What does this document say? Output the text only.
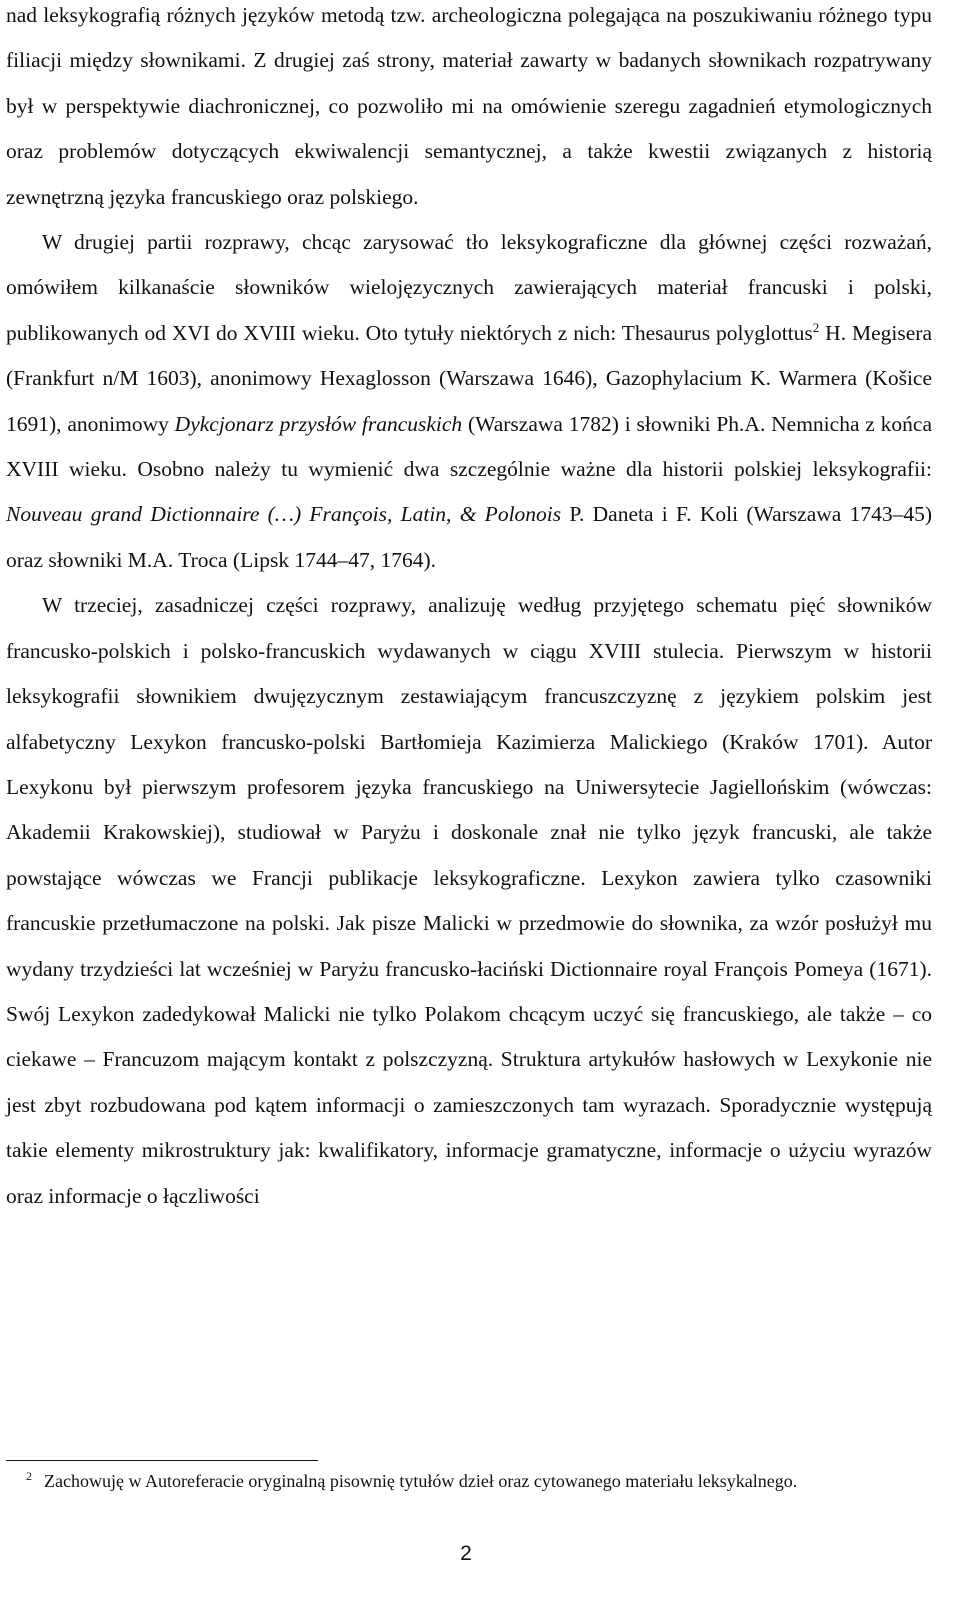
nad leksykografią różnych języków metodą tzw. archeologiczna polegająca na poszukiwaniu różnego typu filiacji między słownikami. Z drugiej zaś strony, materiał zawarty w badanych słownikach rozpatrywany był w perspektywie diachronicznej, co pozwoliło mi na omówienie szeregu zagadnień etymologicznych oraz problemów dotyczących ekwiwalencji semantycznej, a także kwestii związanych z historią zewnętrzną języka francuskiego oraz polskiego.

W drugiej partii rozprawy, chcąc zarysować tło leksykograficzne dla głównej części rozważań, omówiłem kilkanaście słowników wielojęzycznych zawierających materiał francuski i polski, publikowanych od XVI do XVIII wieku. Oto tytuły niektórych z nich: Thesaurus polyglottus$^2$ H. Megisera (Frankfurt n/M 1603), anonimowy Hexaglosson (Warszawa 1646), Gazophylacium K. Warmera (Košice 1691), anonimowy Dykcjonarz przysłów francuskich (Warszawa 1782) i słowniki Ph.A. Nemnicha z końca XVIII wieku. Osobno należy tu wymienić dwa szczególnie ważne dla historii polskiej leksykografii: Nouveau grand Dictionnaire (…) François, Latin, & Polonois P. Daneta i F. Koli (Warszawa 1743–45) oraz słowniki M.A. Troca (Lipsk 1744–47, 1764).

W trzeciej, zasadniczej części rozprawy, analizuję według przyjętego schematu pięć słowników francusko-polskich i polsko-francuskich wydawanych w ciągu XVIII stulecia. Pierwszym w historii leksykografii słownikiem dwujęzycznym zestawiającym francuszczyznę z językiem polskim jest alfabetyczny Lexykon francusko-polski Bartłomieja Kazimierza Malickiego (Kraków 1701). Autor Lexykonu był pierwszym profesorem języka francuskiego na Uniwersytecie Jagiellońskim (wówczas: Akademii Krakowskiej), studiował w Paryżu i doskonale znał nie tylko język francuski, ale także powstające wówczas we Francji publikacje leksykograficzne. Lexykon zawiera tylko czasowniki francuskie przetłumaczone na polski. Jak pisze Malicki w przedmowie do słownika, za wzór posłużył mu wydany trzydzieści lat wcześniej w Paryżu francusko-łaciński Dictionnaire royal François Pomeya (1671). Swój Lexykon zadedykował Malicki nie tylko Polakom chcącym uczyć się francuskiego, ale także – co ciekawe – Francuzom mającym kontakt z polszczyzną. Struktura artykułów hasłowych w Lexykonie nie jest zbyt rozbudowana pod kątem informacji o zamieszczonych tam wyrazach. Sporadycznie występują takie elementy mikrostruktury jak: kwalifikatory, informacje gramatyczne, informacje o użyciu wyrazów oraz informacje o łączliwości

$^2$ Zachowuję w Autoreferacie oryginalną pisownię tytułów dzieł oraz cytowanego materiału leksykalnego.

2
